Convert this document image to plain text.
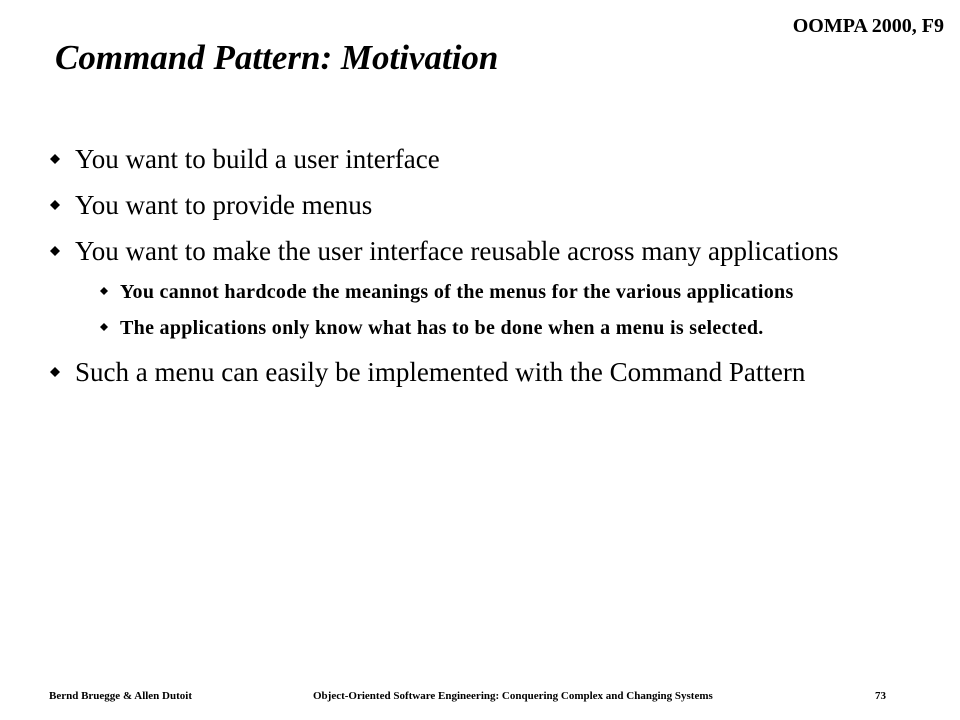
OOMPA 2000, F9
Command Pattern: Motivation
You want to build a user interface
You want to provide menus
You want to make the user interface reusable across many applications
You cannot hardcode the meanings of the menus for the various applications
The applications only know what has to be done when a menu is selected.
Such a menu can easily be implemented with the Command Pattern
Bernd Bruegge & Allen Dutoit	Object-Oriented Software Engineering: Conquering Complex and Changing Systems	73
